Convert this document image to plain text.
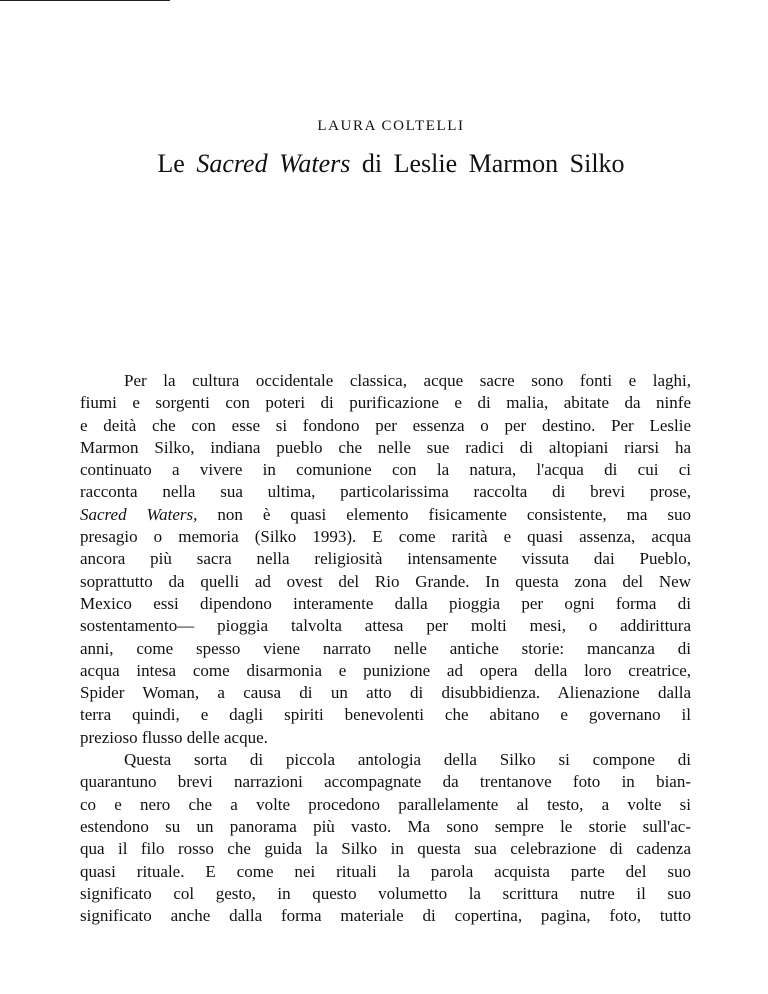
LAURA COLTELLI
Le Sacred Waters di Leslie Marmon Silko
Per la cultura occidentale classica, acque sacre sono fonti e laghi,
fiumi e sorgenti con poteri di purificazione e di malia, abitate da ninfe
e deità che con esse si fondono per essenza o per destino. Per Leslie
Marmon Silko, indiana pueblo che nelle sue radici di altopiani riarsi ha
continuato a vivere in comunione con la natura, l'acqua di cui ci
racconta nella sua ultima, particolarissima raccolta di brevi prose,
Sacred Waters, non è quasi elemento fisicamente consistente, ma suo
presagio o memoria (Silko 1993). E come rarità e quasi assenza, acqua
ancora più sacra nella religiosità intensamente vissuta dai Pueblo,
soprattutto da quelli ad ovest del Rio Grande. In questa zona del New
Mexico essi dipendono interamente dalla pioggia per ogni forma di
sostentamento— pioggia talvolta attesa per molti mesi, o addirittura
anni, come spesso viene narrato nelle antiche storie: mancanza di
acqua intesa come disarmonia e punizione ad opera della loro creatrice,
Spider Woman, a causa di un atto di disubbidienza. Alienazione dalla
terra quindi, e dagli spiriti benevolenti che abitano e governano il
prezioso flusso delle acque.
Questa sorta di piccola antologia della Silko si compone di
quarantuno brevi narrazioni accompagnate da trentanove foto in bian-
co e nero che a volte procedono parallelamente al testo, a volte si
estendono su un panorama più vasto. Ma sono sempre le storie sull'ac-
qua il filo rosso che guida la Silko in questa sua celebrazione di cadenza
quasi rituale. E come nei rituali la parola acquista parte del suo
significato col gesto, in questo volumetto la scrittura nutre il suo
significato anche dalla forma materiale di copertina, pagina, foto, tutto
